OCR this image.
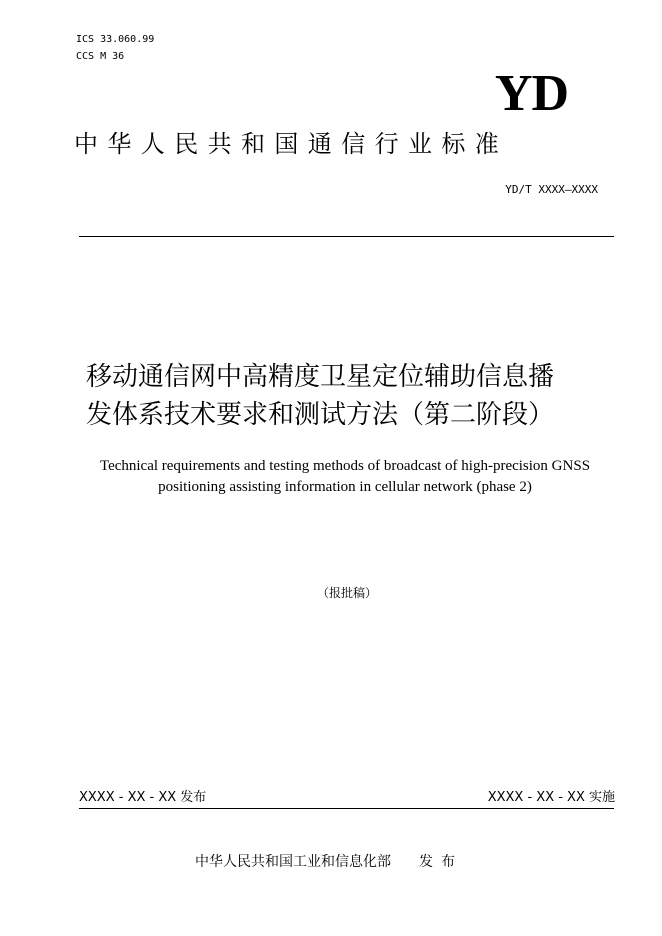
ICS 33.060.99
CCS M 36
YD
中华人民共和国通信行业标准
YD/T XXXX—XXXX
移动通信网中高精度卫星定位辅助信息播
发体系技术要求和测试方法（第二阶段）
Technical requirements and testing methods of broadcast of high-precision GNSS
positioning assisting information in cellular network (phase 2)
（报批稿）
XXXX - XX - XX 发布	XXXX - XX - XX 实施
中华人民共和国工业和信息化部 发布
